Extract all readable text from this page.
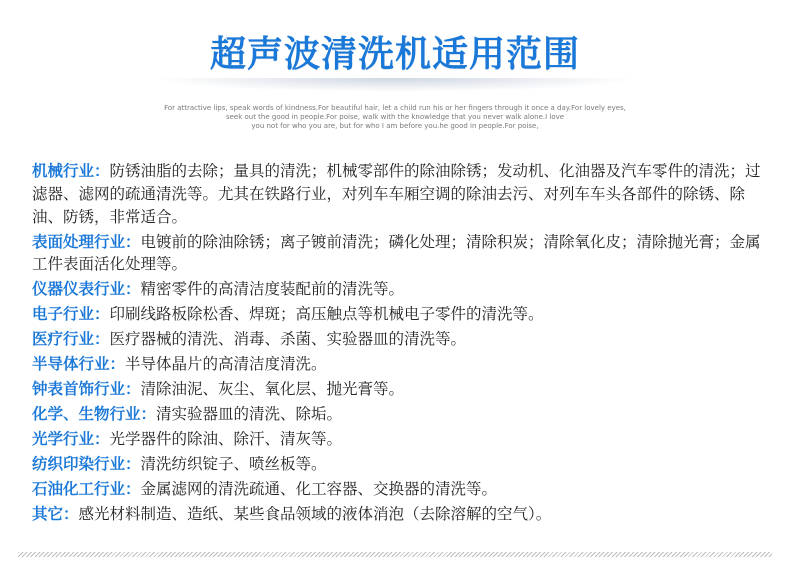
超声波清洗机适用范围
For attractive lips, speak words of kindness.For beautiful hair, let a child run his or her fingers through it once a day.For lovely eyes,
seek out the good in people.For poise, walk with the knowledge that you never walk alone.I love
you not for who you are, but for who I am before you.he good in people.For poise,
机械行业：防锈油脂的去除；量具的清洗；机械零部件的除油除锈；发动机、化油器及汽车零件的清洗；过滤器、滤网的疏通清洗等。尤其在铁路行业，对列车车厢空调的除油去污、对列车车头各部件的除锈、除油、防锈，非常适合。
表面处理行业：电镀前的除油除锈；离子镀前清洗；磷化处理；清除积炭；清除氧化皮；清除抛光膏；金属工件表面活化处理等。
仪器仪表行业：精密零件的高清洁度装配前的清洗等。
电子行业：印刷线路板除松香、焊斑；高压触点等机械电子零件的清洗等。
医疗行业：医疗器械的清洗、消毒、杀菌、实验器皿的清洗等。
半导体行业：半导体晶片的高清洁度清洗。
钟表首饰行业：清除油泥、灰尘、氧化层、抛光膏等。
化学、生物行业：清实验器皿的清洗、除垢。
光学行业：光学器件的除油、除汗、清灰等。
纺织印染行业：清洗纺织锭子、喷丝板等。
石油化工行业：金属滤网的清洗疏通、化工容器、交换器的清洗等。
其它：感光材料制造、造纸、某些食品领域的液体消泡（去除溶解的空气）。
